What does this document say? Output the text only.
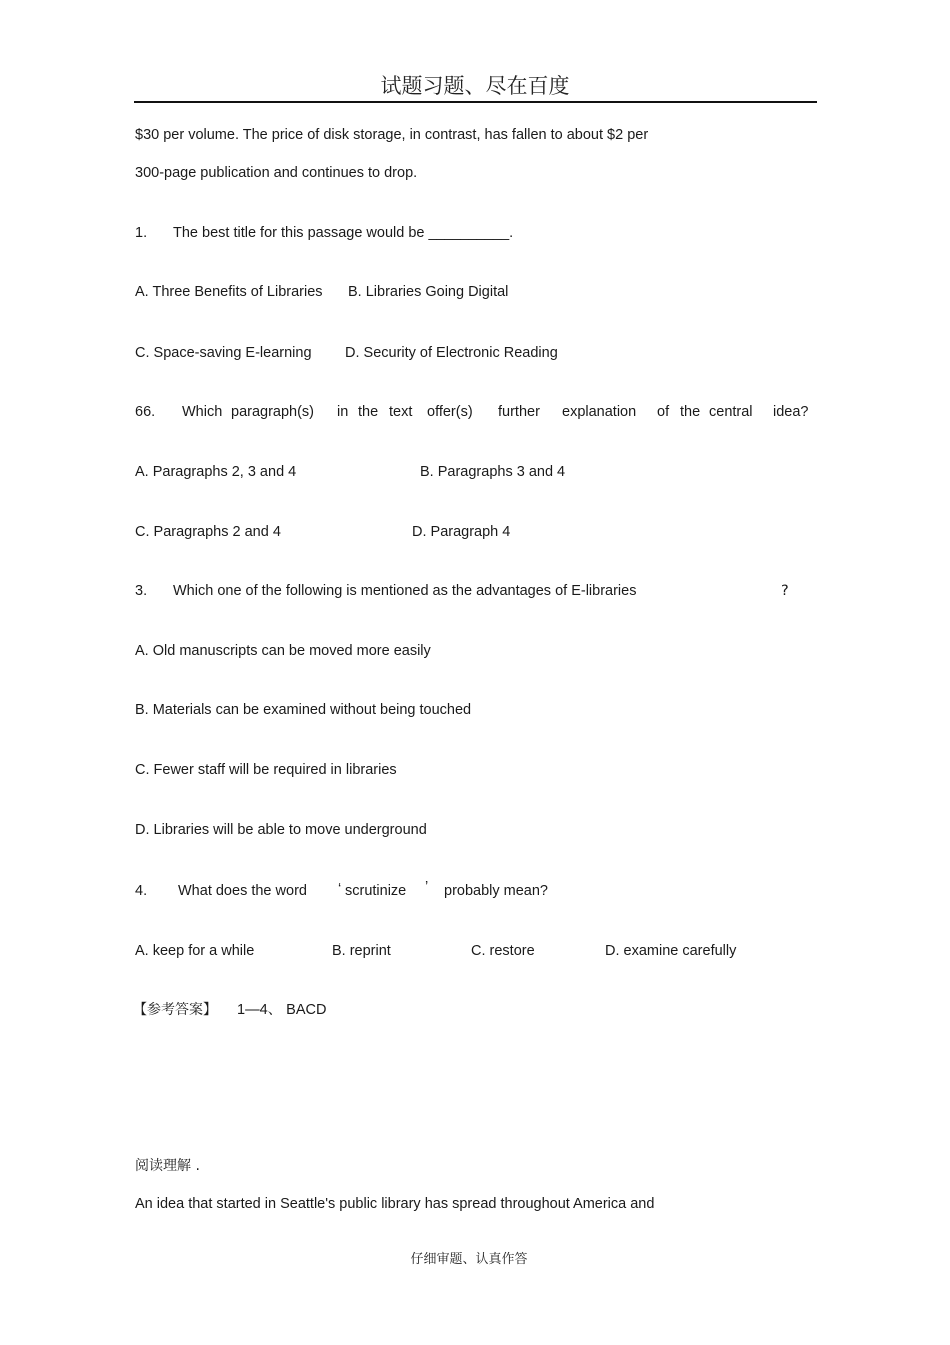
试题习题、尽在百度
$30 per volume. The price of disk storage, in contrast, has fallen to about $2 per
300-page publication and continues to drop.
1. The best title for this passage would be __________.
A. Three Benefits of Libraries B. Libraries Going Digital
C. Space-saving E-learning D. Security of Electronic Reading
66. Which paragraph(s) in the text offer(s) further explanation of the central idea?
A. Paragraphs 2, 3 and 4	B. Paragraphs 3 and 4
C. Paragraphs 2 and 4	D. Paragraph 4
3. Which one of the following is mentioned as the advantages of E-libraries	?
A. Old manuscripts can be moved more easily
B. Materials can be examined without being touched
C. Fewer staff will be required in libraries
D. Libraries will be able to move underground
4. What does the word ‘ scrutinize ’ probably mean?
A. keep for a while	B. reprint	C. restore	D. examine carefully
【参考答案】 1—4、 BACD
阅读理解 .
An idea that started in Seattle's public library has spread throughout America and
仔细审题、认真作答
